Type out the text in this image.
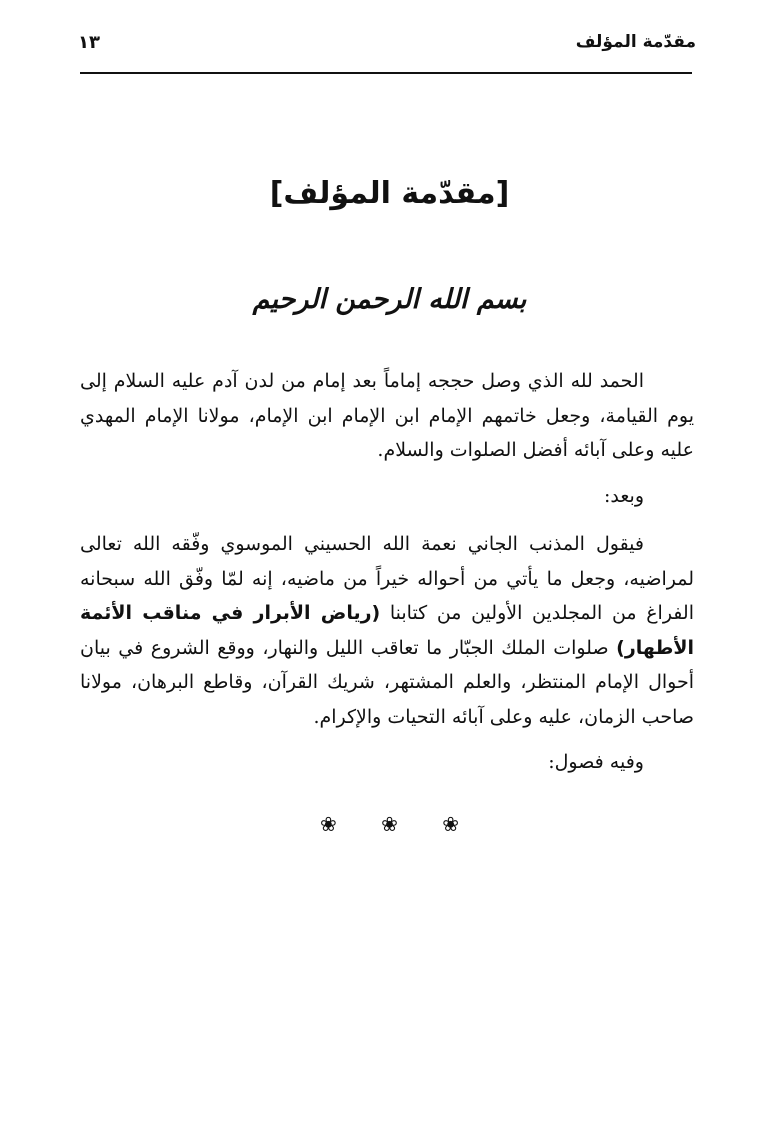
مقدّمة المؤلف
١٣
[مقدّمة المؤلف]
بسم الله الرحمن الرحيم

الحمد لله الذي وصل حججه إماماً بعد إمام من لدن آدم عليه السلام إلى يوم القيامة، وجعل خاتمهم الإمام ابن الإمام ابن الإمام، مولانا الإمام المهدي عليه وعلى آبائه أفضل الصلوات والسلام.

وبعد:

فيقول المذنب الجاني نعمة الله الحسيني الموسوي وفّقه الله تعالى لمراضيه، وجعل ما يأتي من أحواله خيراً من ماضيه، إنه لمّا وفّق الله سبحانه الفراغ من المجلدين الأولين من كتابنا (رياض الأبرار في مناقب الأئمة الأطهار) صلوات الملك الجبّار ما تعاقب الليل والنهار، ووقع الشروع في بيان أحوال الإمام المنتظر، والعلم المشتهر، شريك القرآن، وقاطع البرهان، مولانا صاحب الزمان، عليه وعلى آبائه التحيات والإكرام.

وفيه فصول:

❀ ❀ ❀
